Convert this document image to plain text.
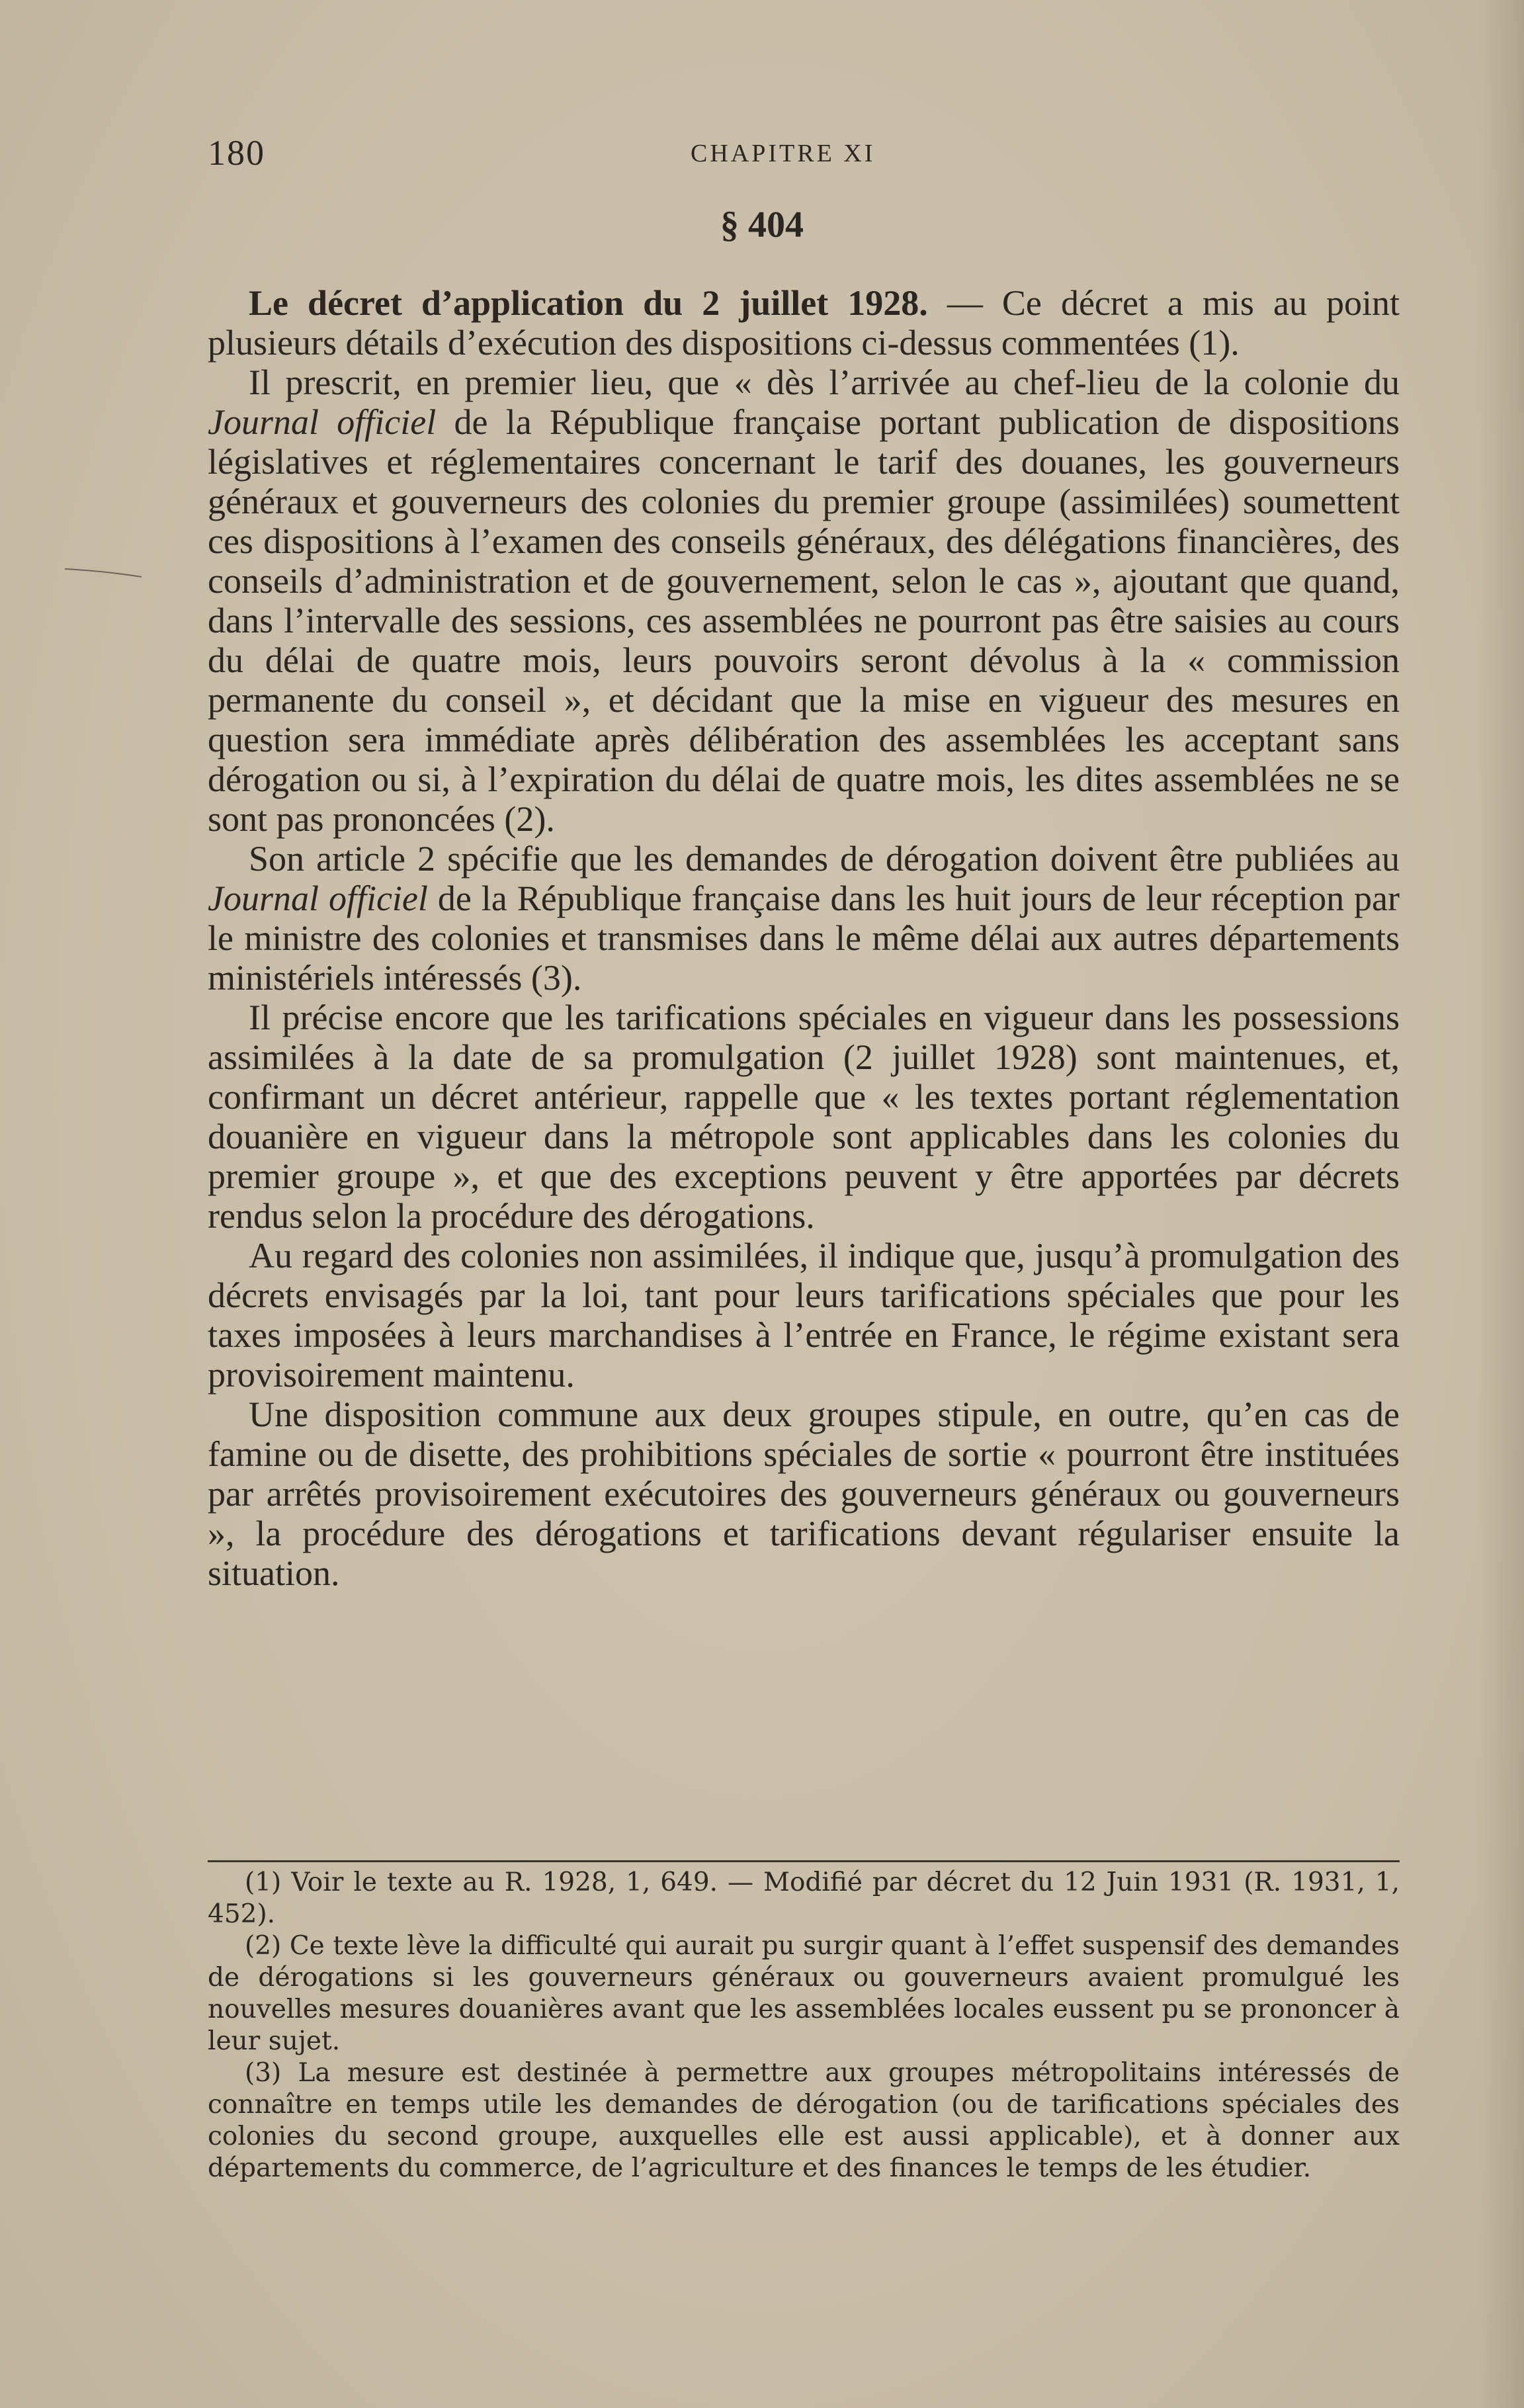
180	CHAPITRE XI
§ 404

Le décret d’application du 2 juillet 1928. — Ce décret a mis au point plusieurs détails d’exécution des dispositions ci-dessus commentées (1).

Il prescrit, en premier lieu, que « dès l’arrivée au chef-lieu de la colonie du Journal officiel de la République française portant publication de dispositions législatives et réglementaires concernant le tarif des douanes, les gouverneurs généraux et gouverneurs des colonies du premier groupe (assimilées) soumettent ces dispositions à l’examen des conseils généraux, des délégations financières, des conseils d’administration et de gouvernement, selon le cas », ajoutant que quand, dans l’intervalle des sessions, ces assemblées ne pourront pas être saisies au cours du délai de quatre mois, leurs pouvoirs seront dévolus à la « commission permanente du conseil », et décidant que la mise en vigueur des mesures en question sera immédiate après délibération des assemblées les acceptant sans dérogation ou si, à l’expiration du délai de quatre mois, les dites assemblées ne se sont pas prononcées (2).

Son article 2 spécifie que les demandes de dérogation doivent être publiées au Journal officiel de la République française dans les huit jours de leur réception par le ministre des colonies et transmises dans le même délai aux autres départements ministériels intéressés (3).

Il précise encore que les tarifications spéciales en vigueur dans les possessions assimilées à la date de sa promulgation (2 juillet 1928) sont maintenues, et, confirmant un décret antérieur, rappelle que « les textes portant réglementation douanière en vigueur dans la métropole sont applicables dans les colonies du premier groupe », et que des exceptions peuvent y être apportées par décrets rendus selon la procédure des dérogations.

Au regard des colonies non assimilées, il indique que, jusqu’à promulgation des décrets envisagés par la loi, tant pour leurs tarifications spéciales que pour les taxes imposées à leurs marchandises à l’entrée en France, le régime existant sera provisoirement maintenu.

Une disposition commune aux deux groupes stipule, en outre, qu’en cas de famine ou de disette, des prohibitions spéciales de sortie « pourront être instituées par arrêtés provisoirement exécutoires des gouverneurs généraux ou gouverneurs », la procédure des dérogations et tarifications devant régulariser ensuite la situation.

(1) Voir le texte au R. 1928, 1, 649. — Modifié par décret du 12 Juin 1931 (R. 1931, 1, 452).

(2) Ce texte lève la difficulté qui aurait pu surgir quant à l’effet suspensif des demandes de dérogations si les gouverneurs généraux ou gouverneurs avaient promulgué les nouvelles mesures douanières avant que les assemblées locales eussent pu se prononcer à leur sujet.

(3) La mesure est destinée à permettre aux groupes métropolitains intéressés de connaître en temps utile les demandes de dérogation (ou de tarifications spéciales des colonies du second groupe, auxquelles elle est aussi applicable), et à donner aux départements du commerce, de l’agriculture et des finances le temps de les étudier.
